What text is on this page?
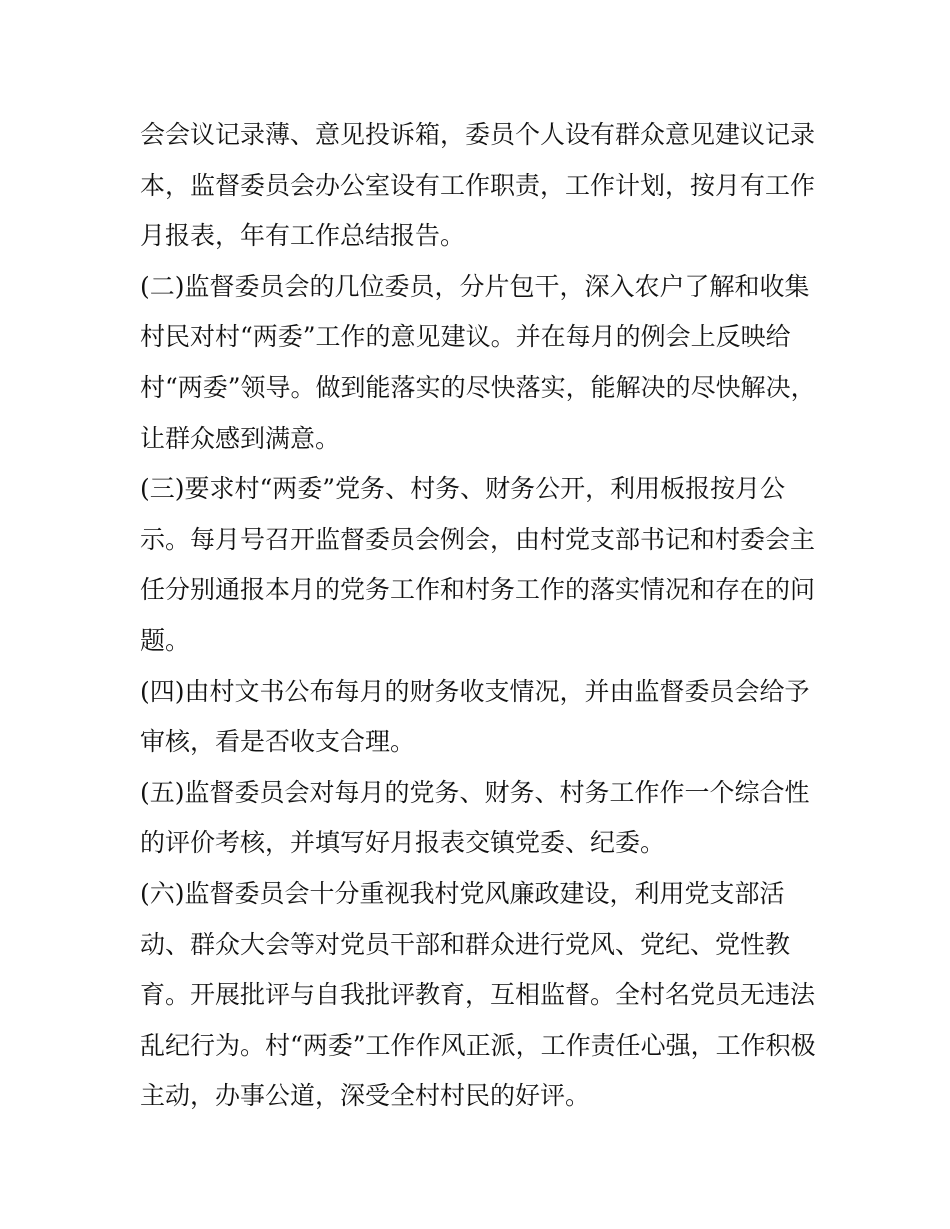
会会议记录薄、意见投诉箱，委员个人设有群众意见建议记录
本，监督委员会办公室设有工作职责，工作计划，按月有工作
月报表，年有工作总结报告。
(二)监督委员会的几位委员，分片包干，深入农户了解和收集
村民对村“两委”工作的意见建议。并在每月的例会上反映给
村“两委”领导。做到能落实的尽快落实，能解决的尽快解决，
让群众感到满意。
(三)要求村“两委”党务、村务、财务公开，利用板报按月公
示。每月号召开监督委员会例会，由村党支部书记和村委会主
任分别通报本月的党务工作和村务工作的落实情况和存在的问
题。
(四)由村文书公布每月的财务收支情况，并由监督委员会给予
审核，看是否收支合理。
(五)监督委员会对每月的党务、财务、村务工作作一个综合性
的评价考核，并填写好月报表交镇党委、纪委。
(六)监督委员会十分重视我村党风廉政建设，利用党支部活
动、群众大会等对党员干部和群众进行党风、党纪、党性教
育。开展批评与自我批评教育，互相监督。全村名党员无违法
乱纪行为。村“两委”工作作风正派，工作责任心强，工作积极
主动，办事公道，深受全村村民的好评。
